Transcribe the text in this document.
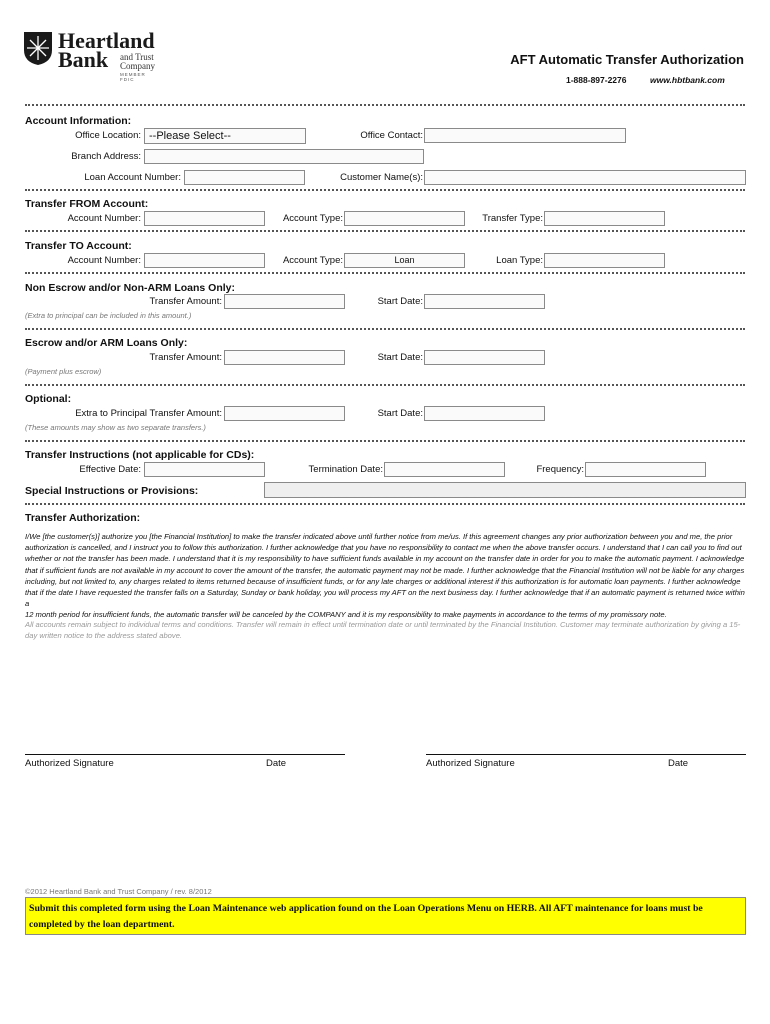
Heartland
Bank and Trust
Company
MEMBER FDIC
AFT Automatic Transfer Authorization
1-888-897-2276	www.hbtbank.com
Account Information:
Office Location: --Please Select--	Office Contact:
Branch Address:
Loan Account Number:	Customer Name(s):
Transfer FROM Account:
Account Number:	Account Type:	Transfer Type:
Transfer TO Account:
Account Number:	Account Type:	Loan	Loan Type:
Non Escrow and/or Non-ARM Loans Only:
Transfer Amount:	Start Date:
(Extra to principal can be included in this amount.)
Escrow and/or ARM Loans Only:
Transfer Amount:	Start Date:
(Payment plus escrow)
Optional:
Extra to Principal Transfer Amount:	Start Date:
(These amounts may show as two separate transfers.)
Transfer Instructions (not applicable for CDs):
Effective Date:	Termination Date:	Frequency:
Special Instructions or Provisions:
Transfer Authorization:
I/We [the customer(s)] authorize you [the Financial Institution] to make the transfer indicated above until further notice from me/us. If this agreement changes any prior authorization between you and me, the prior
authorization is cancelled, and I instruct you to follow this authorization. I further acknowledge that you have no responsibility to contact me when the above transfer occurs. I understand that I can call you to find out
whether or not the transfer has been made. I understand that it is my responsibility to have sufficient funds available in my account on the transfer date in order for you to make the automatic payment. I acknowledge
that if sufficient funds are not available in my account to cover the amount of the transfer, the automatic payment may not be made. I further acknowledge that the Financial Institution will not be liable for any charges
including, but not limited to, any charges related to items returned because of insufficient funds, or for any late charges or additional interest if this authorization is for automatic loan payments. I further acknowledge
that if the date I have requested the transfer falls on a Saturday, Sunday or bank holiday, you will process my AFT on the next business day. I further acknowledge that if an automatic payment is returned twice within a
12 month period for insufficient funds, the automatic transfer will be canceled by the COMPANY and it is my responsibility to make payments in accordance to the terms of my promissory note.
All accounts remain subject to individual terms and conditions. Transfer will remain in effect until termination date or until terminated by the Financial Institution. Customer may terminate authorization by giving a 15-
day written notice to the address stated above.
Authorized Signature	Date	Authorized Signature	Date
©2012 Heartland Bank and Trust Company / rev. 8/2012
Submit this completed form using the Loan Maintenance web application found on the Loan Operations Menu on HERB. All AFT maintenance for loans must be
completed by the loan department.
